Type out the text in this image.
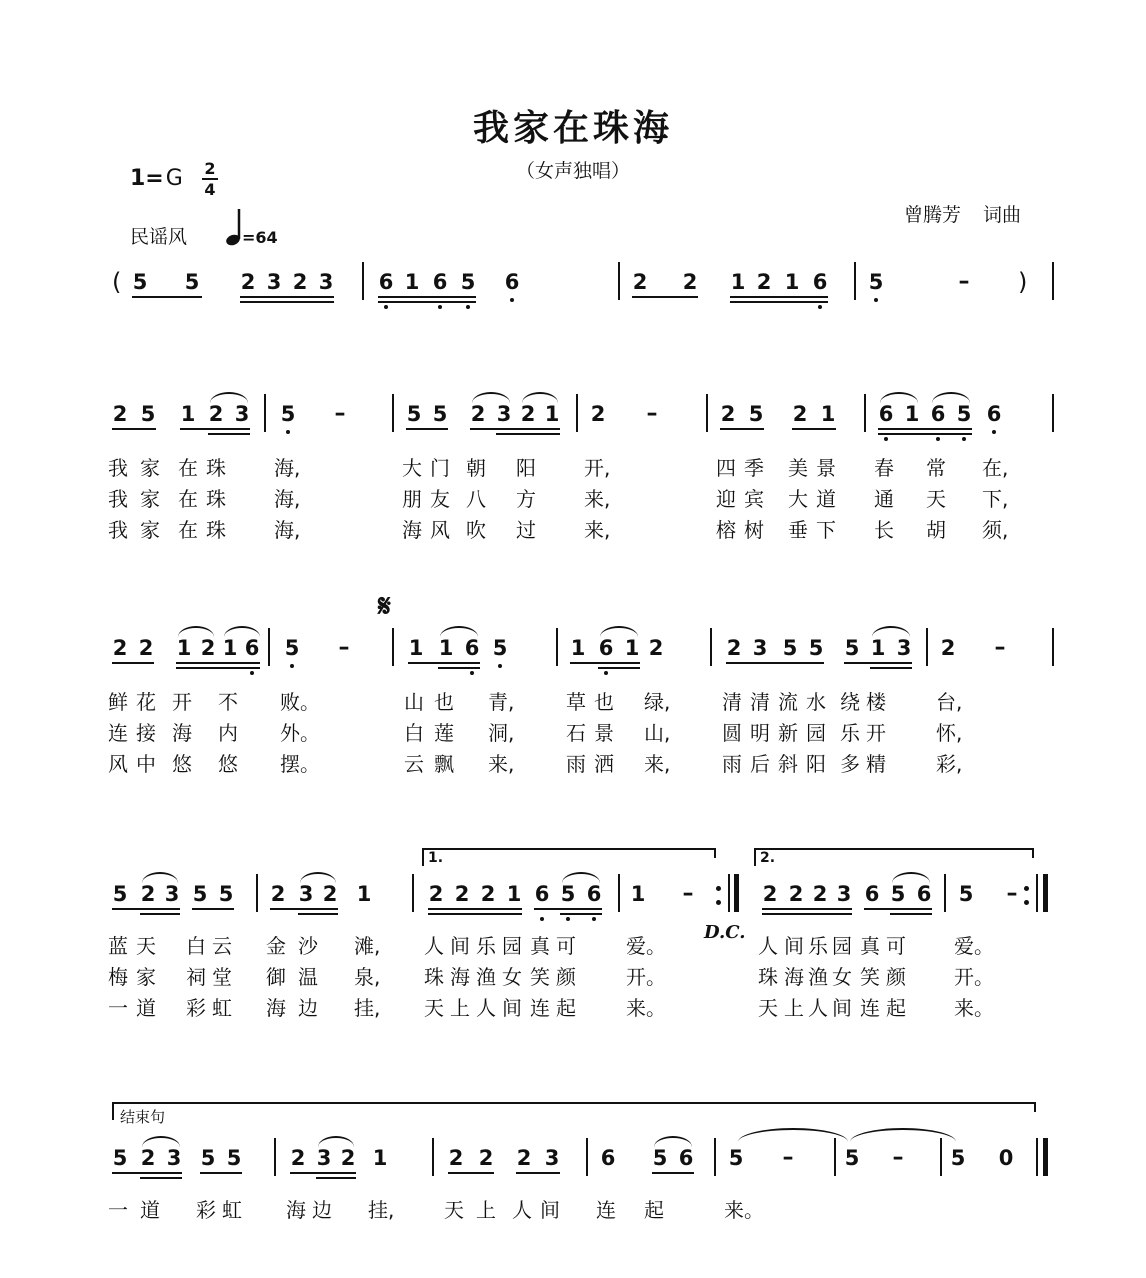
我家在珠海
（女声独唱）
1=G 2
4
民谣风	=64
曾腾芳 词曲
( 5 5 2 3 2 3 6 1 6 5 6	2 2 1 2 1 6 5	– )
2 5 1 2 3 5 –	5 5 2 3 2 1 2 –	2 5 2 1 6 1 6 5 6
我 家 在 珠 海,	大 门 朝 阳 开,	四 季 美 景 春 常 在,
我 家 在 珠 海,	朋 友 八 方 来,	迎 宾 大 道 通 天 下,
我 家 在 珠 海,	海 风 吹 过 来,	榕 树 垂 下 长 胡 须,
𝄋
2 2 1 2 1 6 5 –	1 1 6 5	1 6 1 2	2 3 5 5 5 1 3 2 –
鲜 花 开 不 败。	山 也 青,	草 也 绿,	清 清 流 水 绕 楼	台,
连 接 海 内 外。	白 莲 洞,	石 景 山,	圆 明 新 园 乐 开	怀,
风 中 悠 悠 摆。	云 飘 来,	雨 洒 来,	雨 后 斜 阳 多 精	彩,
1.	2.
5 2 3 5 5 2 3 2 1	2 2 2 1 6 5 6 1 –
D.C.
2 2 2 3 6 5 6 5 –
蓝 天 白 云 金 沙 滩, 人 间 乐 园 真 可	爱。	人 间 乐 园 真 可 爱。
梅 家 祠 堂 御 温 泉, 珠 海 渔 女 笑 颜	开。	珠 海 渔 女 笑 颜 开。
一 道 彩 虹 海 边 挂, 天 上 人 间 连 起	来。	天 上 人 间 连 起 来。
结束句
5 2 3 5 5 2 3 2 1	2 2 2 3 6 5 6 5 – 5 – 5 0
一 道 彩 虹 海 边 挂, 天 上 人 间 连 起	来。
